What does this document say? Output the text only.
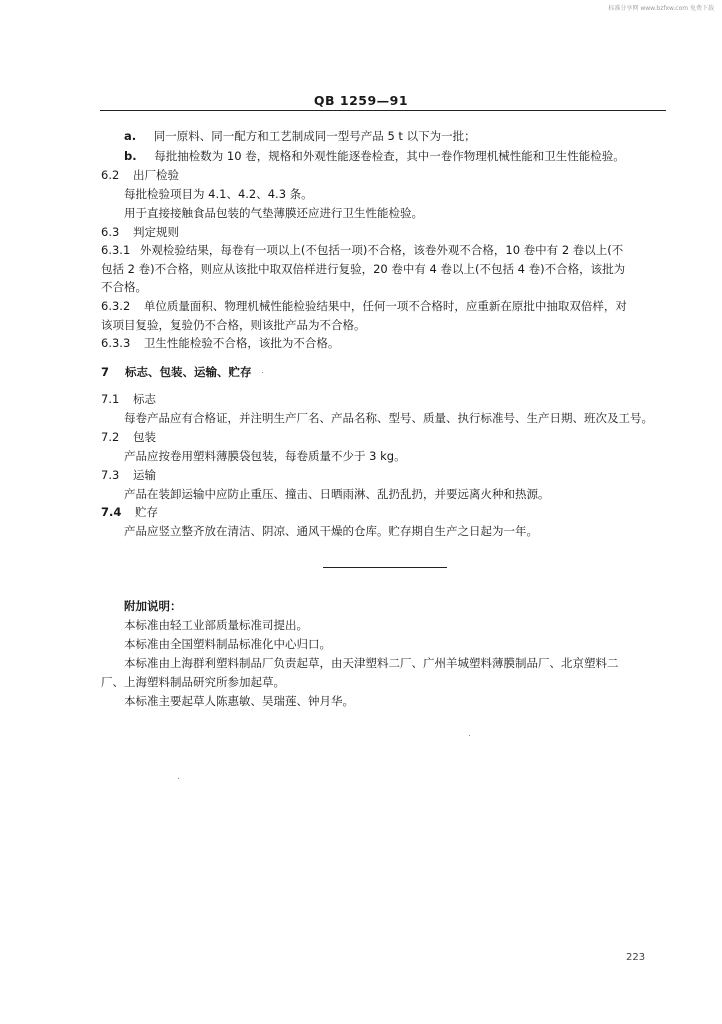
标准分享网 www.bzfxw.com 免费下载
QB 1259—91
a. 同一原料、同一配方和工艺制成同一型号产品 5 t 以下为一批；
b. 每批抽检数为 10 卷，规格和外观性能逐卷检查，其中一卷作物理机械性能和卫生性能检验。
6.2 出厂检验
每批检验项目为 4.1、4.2、4.3 条。
用于直接接触食品包装的气垫薄膜还应进行卫生性能检验。
6.3 判定规则
6.3.1 外观检验结果，每卷有一项以上(不包括一项)不合格，该卷外观不合格，10 卷中有 2 卷以上(不
包括 2 卷)不合格，则应从该批中取双倍样进行复验，20 卷中有 4 卷以上(不包括 4 卷)不合格，该批为
不合格。
6.3.2 单位质量面积、物理机械性能检验结果中，任何一项不合格时，应重新在原批中抽取双倍样，对
该项目复验，复验仍不合格，则该批产品为不合格。
6.3.3 卫生性能检验不合格，该批为不合格。
7 标志、包装、运输、贮存
7.1 标志
每卷产品应有合格证，并注明生产厂名、产品名称、型号、质量、执行标准号、生产日期、班次及工号。
7.2 包装
产品应按卷用塑料薄膜袋包装，每卷质量不少于 3 kg。
7.3 运输
产品在装卸运输中应防止重压、撞击、日晒雨淋、乱扔乱扔，并要远离火种和热源。
7.4 贮存
产品应竖立整齐放在清洁、阴凉、通风干燥的仓库。贮存期自生产之日起为一年。
附加说明：
本标准由轻工业部质量标准司提出。
本标准由全国塑料制品标准化中心归口。
本标准由上海群利塑料制品厂负责起草，由天津塑料二厂、广州羊城塑料薄膜制品厂、北京塑料二
厂、上海塑料制品研究所参加起草。
本标准主要起草人陈惠敏、吴瑞莲、钟月华。
223
